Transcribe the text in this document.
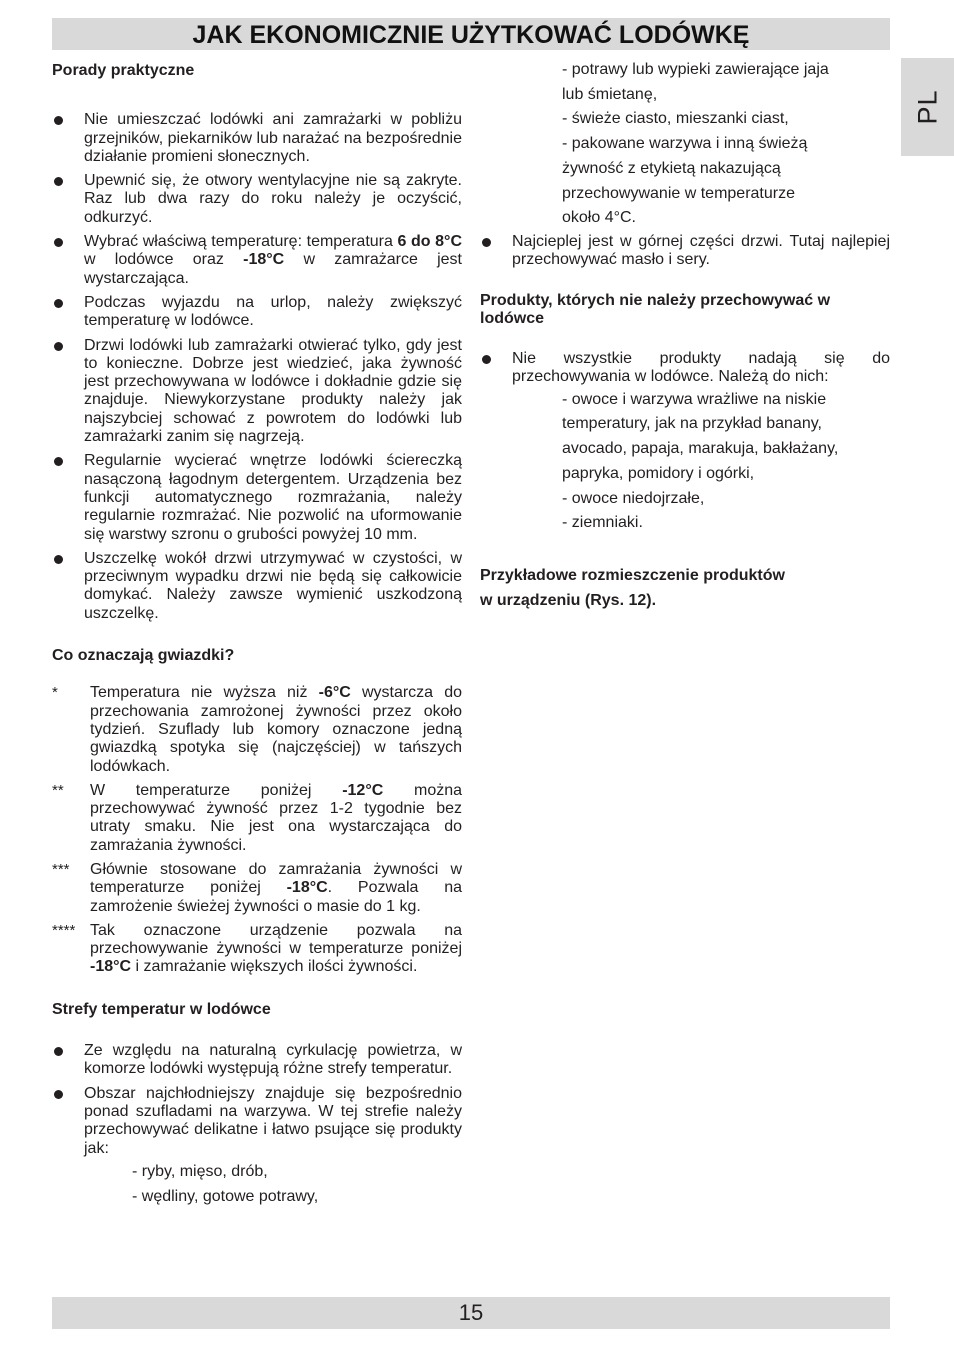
JAK EKONOMICZNIE UŻYTKOWAĆ LODÓWKĘ
PL
Porady praktyczne
Nie umieszczać lodówki ani zamrażarki w pobliżu grzejników, piekarników lub narażać na bezpośrednie działanie promieni słonecznych.
Upewnić się, że otwory wentylacyjne nie są zakryte. Raz lub dwa razy do roku należy je oczyścić, odkurzyć.
Wybrać właściwą temperaturę: temperatura 6 do 8°C w lodówce oraz -18°C w zamrażarce jest wystarczająca.
Podczas wyjazdu na urlop, należy zwiększyć temperaturę w lodówce.
Drzwi lodówki lub zamrażarki otwierać tylko, gdy jest to konieczne. Dobrze jest wiedzieć, jaka żywność jest przechowywana w lodówce i dokładnie gdzie się znajduje. Niewykorzystane produkty należy jak najszybciej schować z powrotem do lodówki lub zamrażarki zanim się nagrzeją.
Regularnie wycierać wnętrze lodówki ściereczką nasączoną łagodnym detergentem. Urządzenia bez funkcji automatycznego rozmrażania, należy regularnie rozmrażać. Nie pozwolić na uformowanie się warstwy szronu o grubości powyżej 10 mm.
Uszczelkę wokół drzwi utrzymywać w czystości, w przeciwnym wypadku drzwi nie będą się całkowicie domykać. Należy zawsze wymienić uszkodzoną uszczelkę.
Co oznaczają gwiazdki?
* Temperatura nie wyższa niż -6°C wystarcza do przechowania zamrożonej żywności przez około tydzień. Szuflady lub komory oznaczone jedną gwiazdką spotyka się (najczęściej) w tańszych lodówkach.
** W temperaturze poniżej -12°C można przechowywać żywność przez 1-2 tygodnie bez utraty smaku. Nie jest ona wystarczająca do zamrażania żywności.
*** Głównie stosowane do zamrażania żywności w temperaturze poniżej -18°C. Pozwala na zamrożenie świeżej żywności o masie do 1 kg.
**** Tak oznaczone urządzenie pozwala na przechowywanie żywności w temperaturze poniżej -18°C i zamrażanie większych ilości żywności.
Strefy temperatur w lodówce
Ze względu na naturalną cyrkulację powietrza, w komorze lodówki występują różne strefy temperatur.
Obszar najchłodniejszy znajduje się bezpośrednio ponad szufladami na warzywa. W tej strefie należy przechowywać delikatne i łatwo psujące się produkty jak:
- ryby, mięso, drób,
- wędliny, gotowe potrawy,
- potrawy lub wypieki zawierające jaja
lub śmietanę,
- świeże ciasto, mieszanki ciast,
- pakowane warzywa i inną świeżą
żywność z etykietą nakazującą
przechowywanie w temperaturze
około 4°C.
Najcieplej jest w górnej części drzwi. Tutaj najlepiej przechowywać masło i sery.
Produkty, których nie należy przechowywać w lodówce
Nie wszystkie produkty nadają się do przechowywania w lodówce. Należą do nich:
- owoce i warzywa wrażliwe na niskie
temperatury, jak na przykład banany,
avocado, papaja, marakuja, bakłażany,
papryka, pomidory i ogórki,
- owoce niedojrzałe,
- ziemniaki.
Przykładowe rozmieszczenie produktów
w urządzeniu (Rys. 12).
15
